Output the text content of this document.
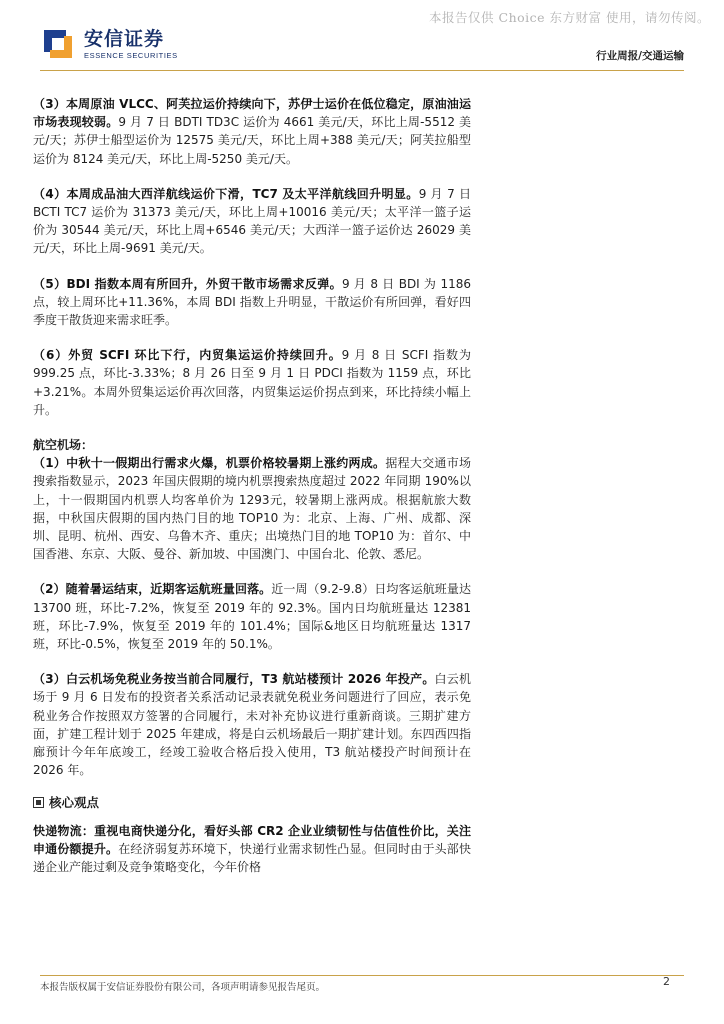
本报告仅供 Choice 东方财富 使用，请勿传阅。
安信证券
ESSENCE SECURITIES	行业周报/交通运输

（3）本周原油 VLCC、阿芙拉运价持续向下，苏伊士运价在低位稳定，原油油运市场表现较弱。9 月 7 日 BDTI TD3C 运价为 4661 美元/天，环比上周-5512 美元/天；苏伊士船型运价为 12575 美元/天，环比上周+388 美元/天；阿芙拉船型运价为 8124 美元/天，环比上周-5250 美元/天。

（4）本周成品油大西洋航线运价下滑，TC7 及太平洋航线回升明显。9 月 7 日 BCTI TC7 运价为 31373 美元/天，环比上周+10016 美元/天；太平洋一篮子运价为 30544 美元/天，环比上周+6546 美元/天；大西洋一篮子运价达 26029 美元/天，环比上周-9691 美元/天。

（5）BDI 指数本周有所回升，外贸干散市场需求反弹。9 月 8 日 BDI 为 1186 点，较上周环比+11.36%，本周 BDI 指数上升明显，干散运价有所回弹，看好四季度干散货迎来需求旺季。

（6）外贸 SCFI 环比下行，内贸集运运价持续回升。9 月 8 日 SCFI 指数为 999.25 点，环比-3.33%；8 月 26 日至 9 月 1 日 PDCI 指数为 1159 点，环比+3.21%。本周外贸集运运价再次回落，内贸集运运价拐点到来，环比持续小幅上升。

航空机场：

（1）中秋十一假期出行需求火爆，机票价格较暑期上涨约两成。据程大交通市场搜索指数显示，2023 年国庆假期的境内机票搜索热度超过 2022 年同期 190%以上，十一假期国内机票人均客单价为 1293元，较暑期上涨两成。根据航旅大数据，中秋国庆假期的国内热门目的地 TOP10 为：北京、上海、广州、成都、深圳、昆明、杭州、西安、乌鲁木齐、重庆；出境热门目的地 TOP10 为：首尔、中国香港、东京、大阪、曼谷、新加坡、中国澳门、中国台北、伦敦、悉尼。

（2）随着暑运结束，近期客运航班量回落。近一周（9.2-9.8）日均客运航班量达 13700 班，环比-7.2%，恢复至 2019 年的 92.3%。国内日均航班量达 12381 班，环比-7.9%，恢复至 2019 年的 101.4%；国际&地区日均航班量达 1317 班，环比-0.5%，恢复至 2019 年的 50.1%。

（3）白云机场免税业务按当前合同履行，T3 航站楼预计 2026 年投产。白云机场于 9 月 6 日发布的投资者关系活动记录表就免税业务问题进行了回应，表示免税业务合作按照双方签署的合同履行，未对补充协议进行重新商谈。三期扩建方面，扩建工程计划于 2025 年建成，将是白云机场最后一期扩建计划。东四西四指廊预计今年年底竣工，经竣工验收合格后投入使用，T3 航站楼投产时间预计在 2026 年。

核心观点

快递物流：重视电商快递分化，看好头部 CR2 企业业绩韧性与估值性价比，关注申通份额提升。在经济弱复苏环境下，快递行业需求韧性凸显。但同时由于头部快递企业产能过剩及竞争策略变化，今年价格

本报告版权属于安信证券股份有限公司，各项声明请参见报告尾页。	2
